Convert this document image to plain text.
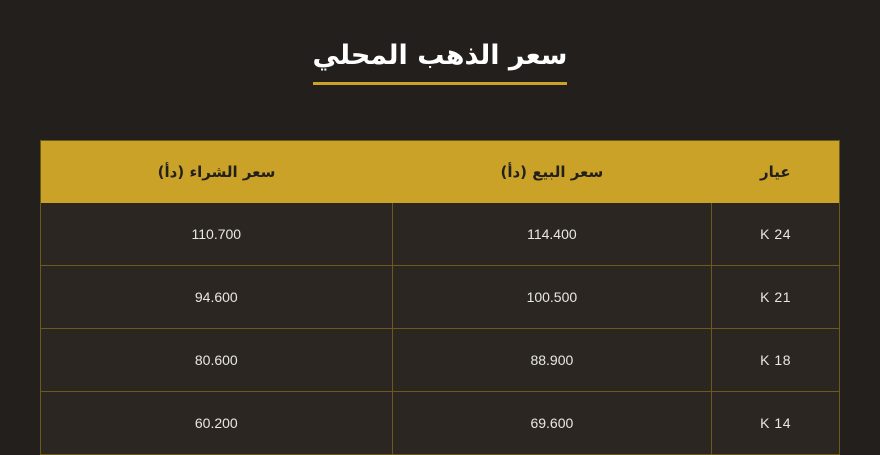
سعر الذهب المحلي
عيار	سعر البيع (دأ)	سعر الشراء (دأ)
24 K	114.400	110.700
21 K	100.500	94.600
18 K	88.900	80.600
14 K	69.600	60.200
